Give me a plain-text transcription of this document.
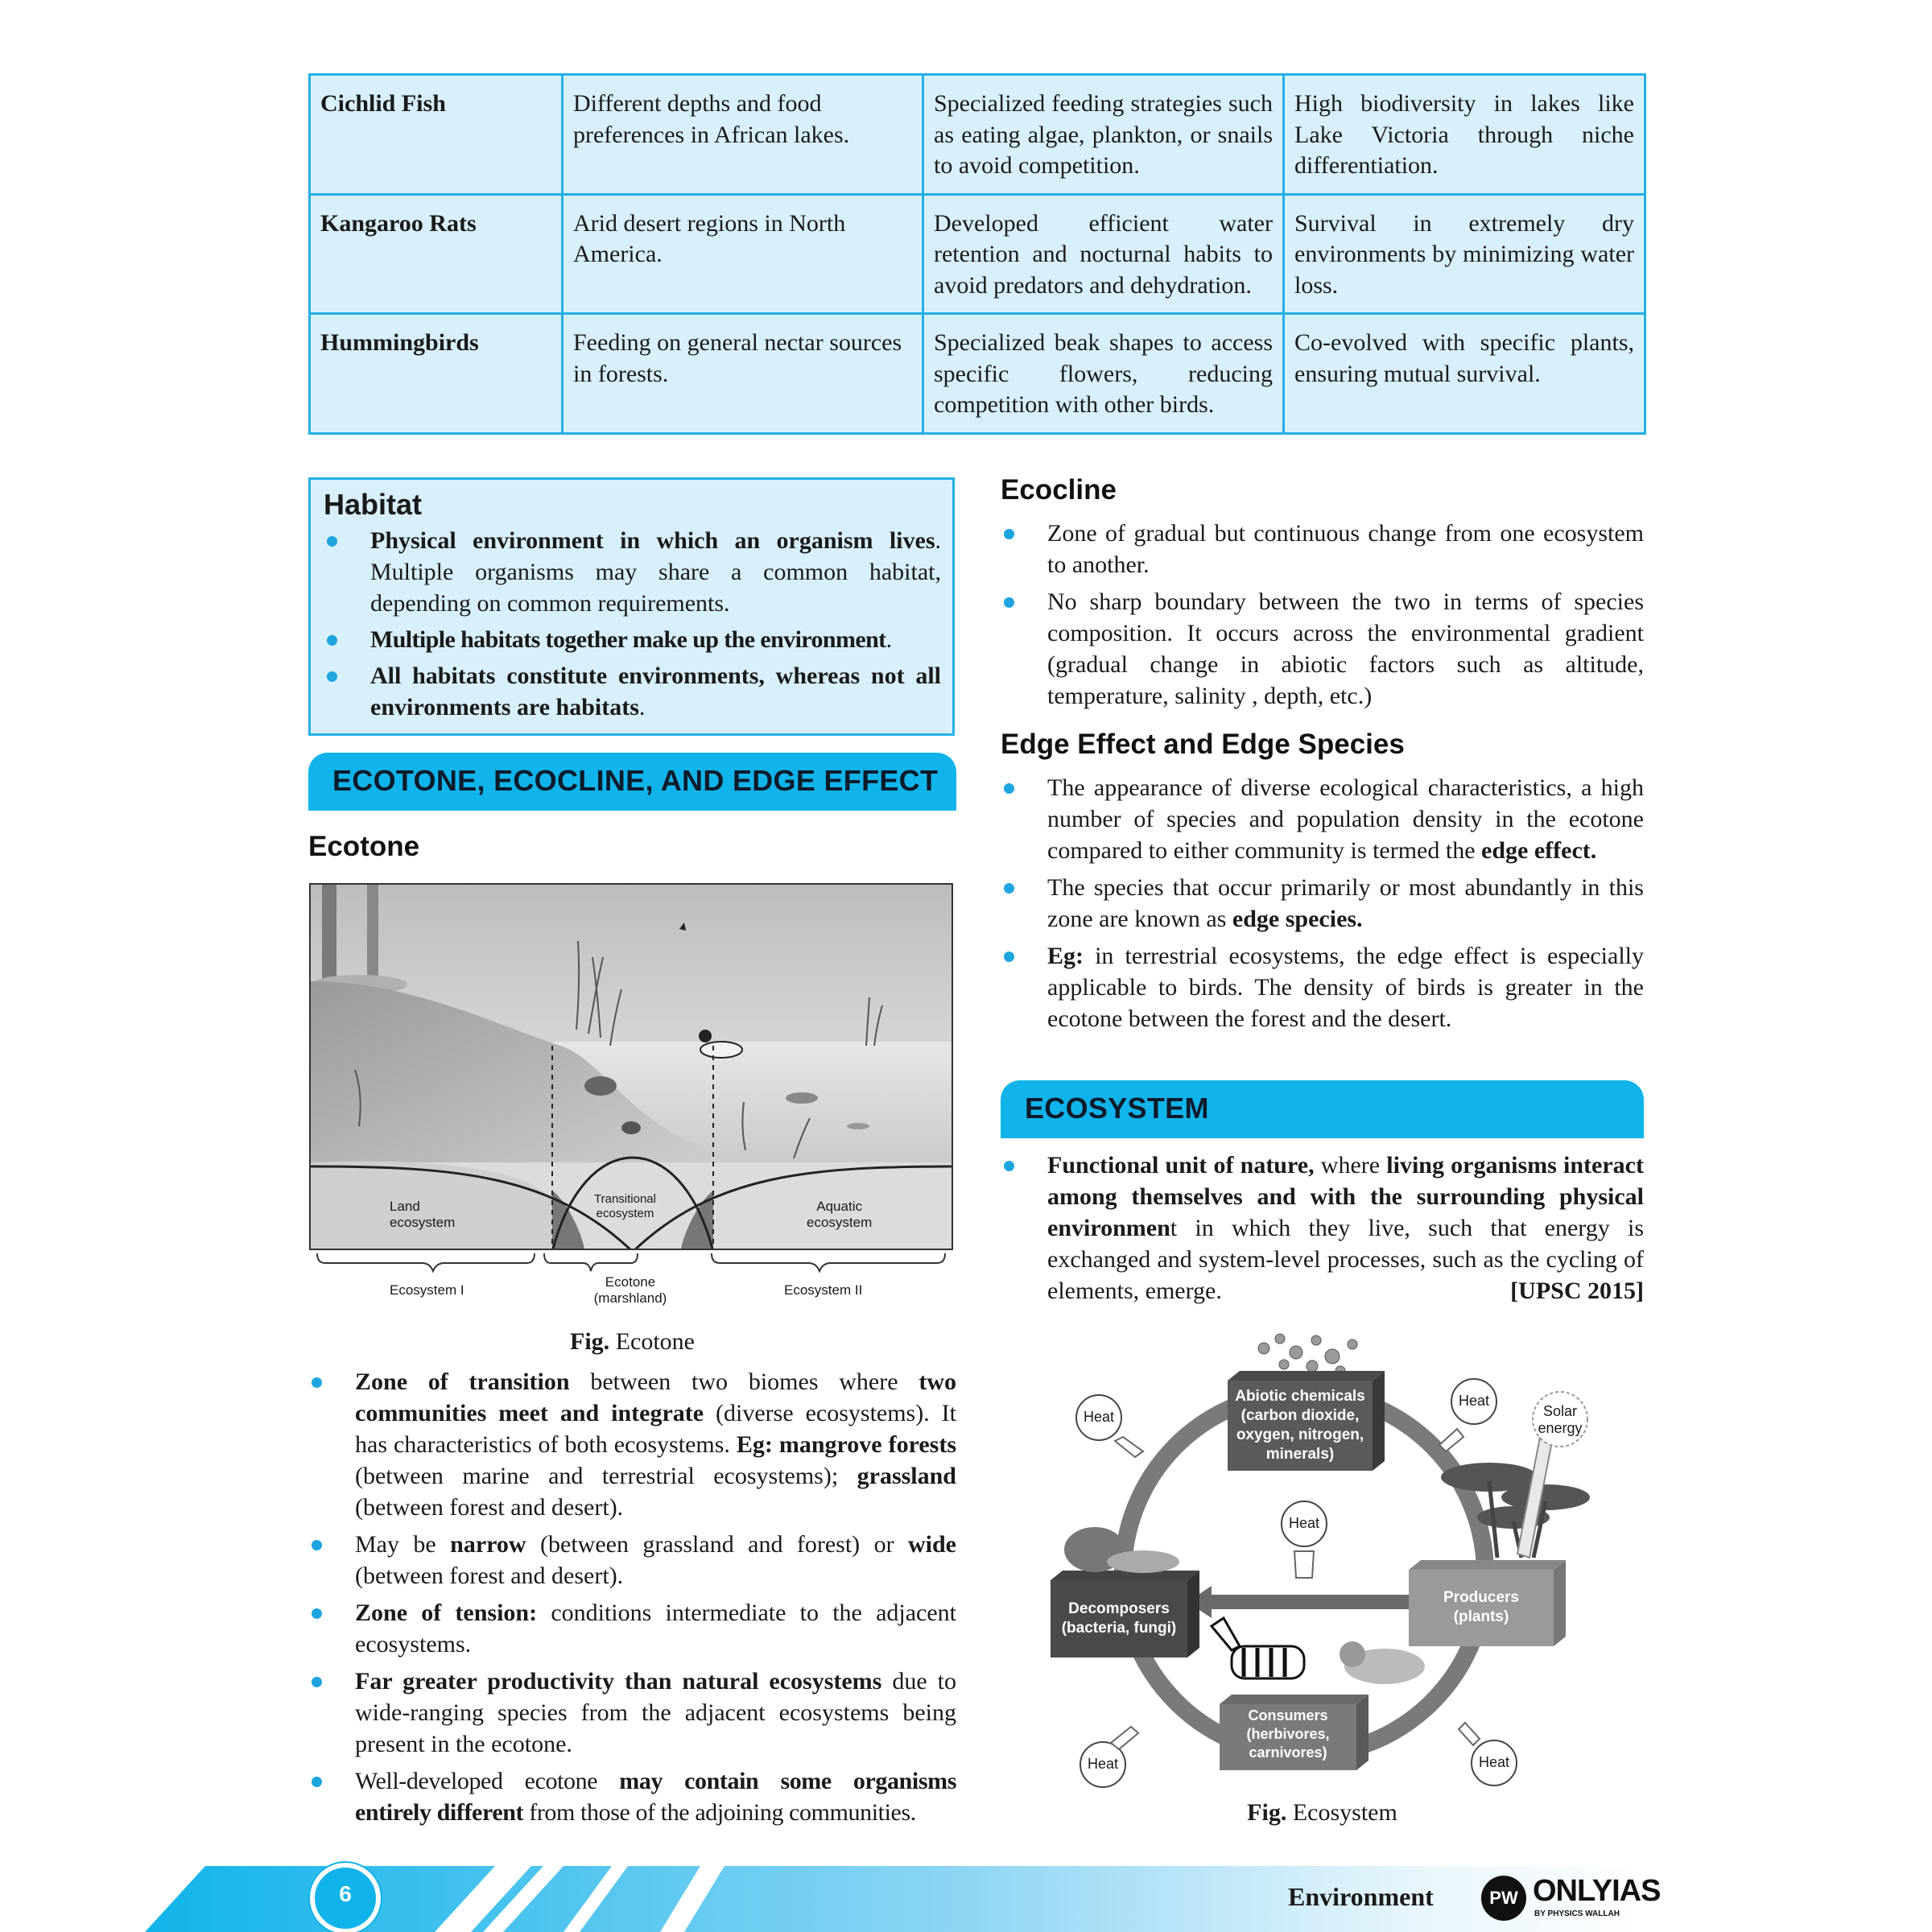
Cichlid Fish	Different depths and food preferences in African lakes.	Specialized feeding strategies such as eating algae, plankton, or snails to avoid competition.	High biodiversity in lakes like Lake Victoria through niche differentiation.
Kangaroo Rats	Arid desert regions in North America.	Developed efficient water retention and nocturnal habits to avoid predators and dehydration.	Survival in extremely dry environments by minimizing water loss.
Hummingbirds	Feeding on general nectar sources in forests.	Specialized beak shapes to access specific flowers, reducing competition with other birds.	Co-evolved with specific plants, ensuring mutual survival.
Habitat
Physical environment in which an organism lives. Multiple organisms may share a common habitat, depending on common requirements.
Multiple habitats together make up the environment.
All habitats constitute environments, whereas not all environments are habitats.
ECOTONE, ECOCLINE, AND EDGE EFFECT
Ecotone
Land
ecosystem
Transitional
ecosystem	Aquatic
ecosystem
Ecosystem I
Ecotone
(marshland)
Ecosystem II
Fig. Ecotone
Zone of transition between two biomes where two communities meet and integrate (diverse ecosystems). It has characteristics of both ecosystems. Eg: mangrove forests (between marine and terrestrial ecosystems); grassland (between forest and desert).
May be narrow (between grassland and forest) or wide (between forest and desert).
Zone of tension: conditions intermediate to the adjacent ecosystems.
Far greater productivity than natural ecosystems due to wide-ranging species from the adjacent ecosystems being present in the ecotone.
Well-developed ecotone may contain some organisms entirely different from those of the adjoining communities.
Ecocline
Zone of gradual but continuous change from one ecosystem to another.
No sharp boundary between the two in terms of species composition. It occurs across the environmental gradient (gradual change in abiotic factors such as altitude, temperature, salinity , depth, etc.)
Edge Effect and Edge Species
The appearance of diverse ecological characteristics, a high number of species and population density in the ecotone compared to either community is termed the edge effect.
The species that occur primarily or most abundantly in this zone are known as edge species.
Eg: in terrestrial ecosystems, the edge effect is especially applicable to birds. The density of birds is greater in the ecotone between the forest and the desert.
ECOSYSTEM
Functional unit of nature, where living organisms interact among themselves and with the surrounding physical environment in which they live, such that energy is exchanged and system-level processes, such as the cycling of elements, emerge.	[UPSC 2015]
Abiotic chemicals
(carbon dioxide,
oxygen, nitrogen,
minerals)
Producers
(plants)
Decomposers
(bacteria, fungi)
Consumers
(herbivores,
carnivores)
Heat
Heat
Heat
Heat	Heat
Solar
energy
Fig. Ecosystem
6	Environment	PW ONLYIAS
BY PHYSICS WALLAH
